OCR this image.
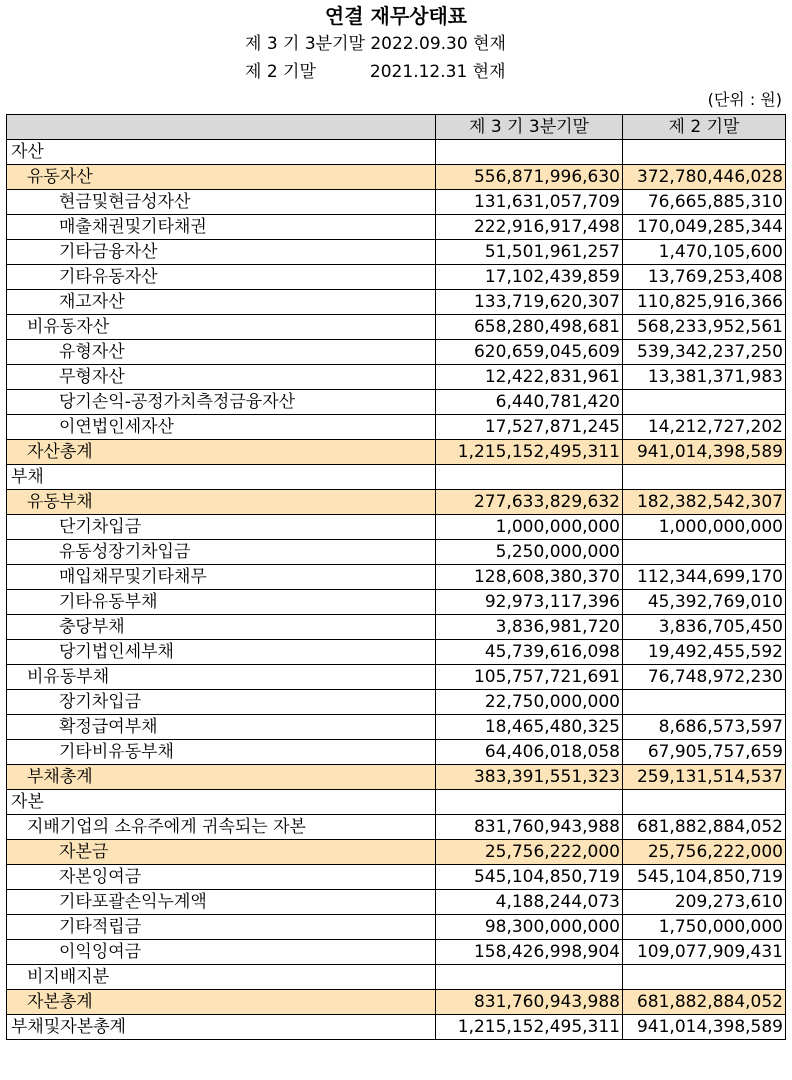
연결 재무상태표
제 3 기 3분기말 2022.09.30 현재
제 2 기말          2021.12.31 현재
(단위 : 원)
	제 3 기 3분기말	제 2 기말
자산		
유동자산	556,871,996,630	372,780,446,028
현금및현금성자산	131,631,057,709	76,665,885,310
매출채권및기타채권	222,916,917,498	170,049,285,344
기타금융자산	51,501,961,257	1,470,105,600
기타유동자산	17,102,439,859	13,769,253,408
재고자산	133,719,620,307	110,825,916,366
비유동자산	658,280,498,681	568,233,952,561
유형자산	620,659,045,609	539,342,237,250
무형자산	12,422,831,961	13,381,371,983
당기손익-공정가치측정금융자산	6,440,781,420	
이연법인세자산	17,527,871,245	14,212,727,202
자산총계	1,215,152,495,311	941,014,398,589
부채		
유동부채	277,633,829,632	182,382,542,307
단기차입금	1,000,000,000	1,000,000,000
유동성장기차입금	5,250,000,000	
매입채무및기타채무	128,608,380,370	112,344,699,170
기타유동부채	92,973,117,396	45,392,769,010
충당부채	3,836,981,720	3,836,705,450
당기법인세부채	45,739,616,098	19,492,455,592
비유동부채	105,757,721,691	76,748,972,230
장기차입금	22,750,000,000	
확정급여부채	18,465,480,325	8,686,573,597
기타비유동부채	64,406,018,058	67,905,757,659
부채총계	383,391,551,323	259,131,514,537
자본		
지배기업의 소유주에게 귀속되는 자본	831,760,943,988	681,882,884,052
자본금	25,756,222,000	25,756,222,000
자본잉여금	545,104,850,719	545,104,850,719
기타포괄손익누계액	4,188,244,073	209,273,610
기타적립금	98,300,000,000	1,750,000,000
이익잉여금	158,426,998,904	109,077,909,431
비지배지분		
자본총계	831,760,943,988	681,882,884,052
부채및자본총계	1,215,152,495,311	941,014,398,589
